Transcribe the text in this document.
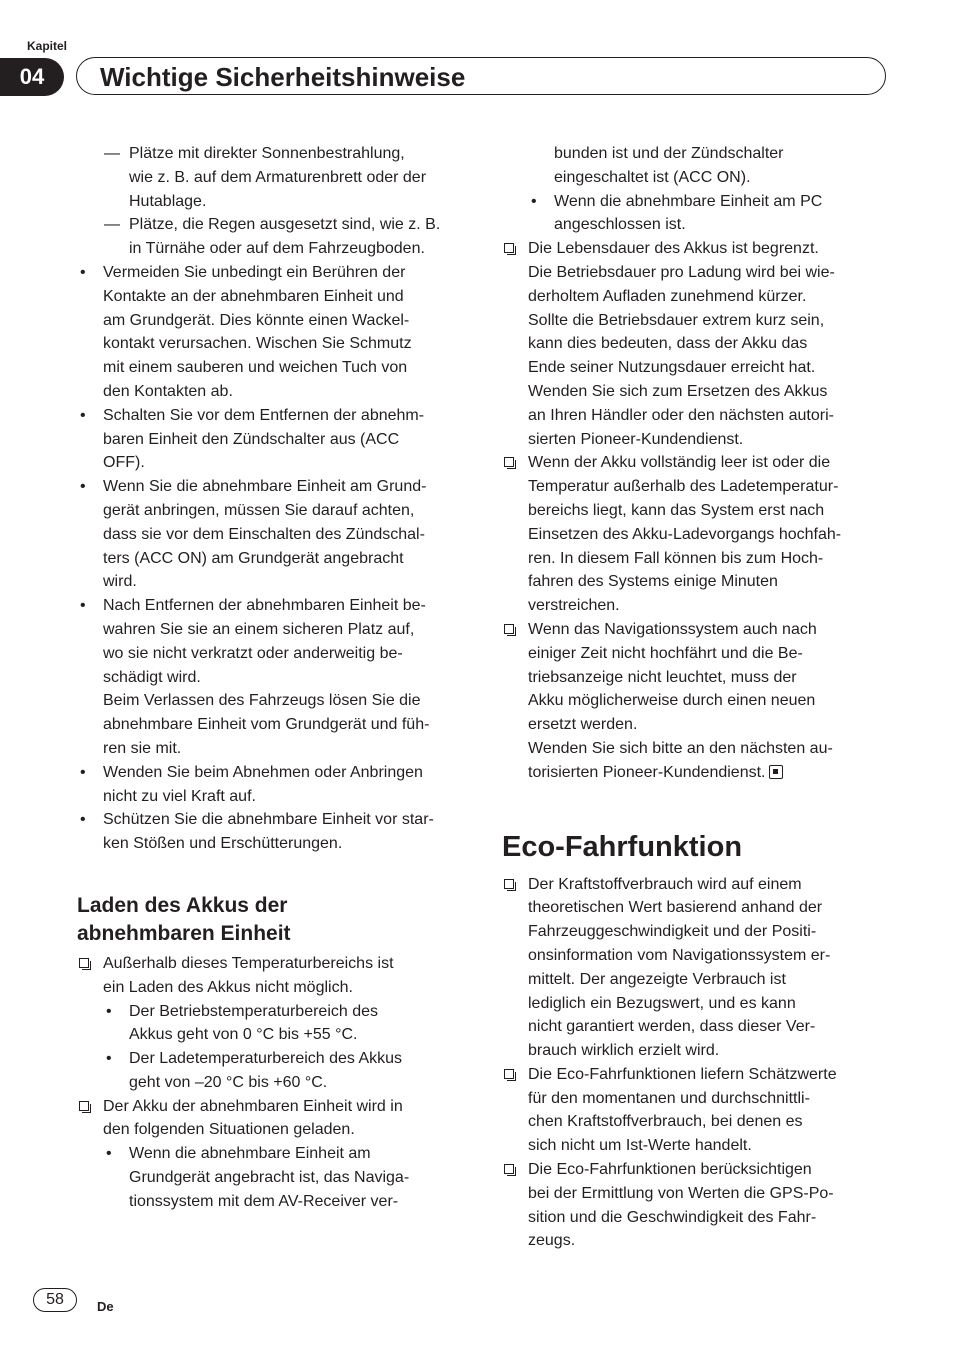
Kapitel
04	Wichtige Sicherheitshinweise
— Plätze mit direkter Sonnenbestrahlung,
wie z. B. auf dem Armaturenbrett oder der
Hutablage.
— Plätze, die Regen ausgesetzt sind, wie z. B.
in Türnähe oder auf dem Fahrzeugboden.
• Vermeiden Sie unbedingt ein Berühren der
Kontakte an der abnehmbaren Einheit und
am Grundgerät. Dies könnte einen Wackel-
kontakt verursachen. Wischen Sie Schmutz
mit einem sauberen und weichen Tuch von
den Kontakten ab.
• Schalten Sie vor dem Entfernen der abnehm-
baren Einheit den Zündschalter aus (ACC
OFF).
• Wenn Sie die abnehmbare Einheit am Grund-
gerät anbringen, müssen Sie darauf achten,
dass sie vor dem Einschalten des Zündschal-
ters (ACC ON) am Grundgerät angebracht
wird.
• Nach Entfernen der abnehmbaren Einheit be-
wahren Sie sie an einem sicheren Platz auf,
wo sie nicht verkratzt oder anderweitig be-
schädigt wird.
Beim Verlassen des Fahrzeugs lösen Sie die
abnehmbare Einheit vom Grundgerät und füh-
ren sie mit.
• Wenden Sie beim Abnehmen oder Anbringen
nicht zu viel Kraft auf.
• Schützen Sie die abnehmbare Einheit vor star-
ken Stößen und Erschütterungen.
Laden des Akkus der
abnehmbaren Einheit
Außerhalb dieses Temperaturbereichs ist
ein Laden des Akkus nicht möglich.
• Der Betriebstemperaturbereich des
Akkus geht von 0 °C bis +55 °C.
• Der Ladetemperaturbereich des Akkus
geht von –20 °C bis +60 °C.
Der Akku der abnehmbaren Einheit wird in
den folgenden Situationen geladen.
• Wenn die abnehmbare Einheit am
Grundgerät angebracht ist, das Naviga-
tionssystem mit dem AV-Receiver ver-
bunden ist und der Zündschalter
eingeschaltet ist (ACC ON).
• Wenn die abnehmbare Einheit am PC
angeschlossen ist.
Die Lebensdauer des Akkus ist begrenzt.
Die Betriebsdauer pro Ladung wird bei wie-
derholtem Aufladen zunehmend kürzer.
Sollte die Betriebsdauer extrem kurz sein,
kann dies bedeuten, dass der Akku das
Ende seiner Nutzungsdauer erreicht hat.
Wenden Sie sich zum Ersetzen des Akkus
an Ihren Händler oder den nächsten autori-
sierten Pioneer-Kundendienst.
Wenn der Akku vollständig leer ist oder die
Temperatur außerhalb des Ladetemperatur-
bereichs liegt, kann das System erst nach
Einsetzen des Akku-Ladevorgangs hochfah-
ren. In diesem Fall können bis zum Hoch-
fahren des Systems einige Minuten
verstreichen.
Wenn das Navigationssystem auch nach
einiger Zeit nicht hochfährt und die Be-
triebsanzeige nicht leuchtet, muss der
Akku möglicherweise durch einen neuen
ersetzt werden.
Wenden Sie sich bitte an den nächsten au-
torisierten Pioneer-Kundendienst.
Eco-Fahrfunktion
Der Kraftstoffverbrauch wird auf einem
theoretischen Wert basierend anhand der
Fahrzeuggeschwindigkeit und der Positi-
onsinformation vom Navigationssystem er-
mittelt. Der angezeigte Verbrauch ist
lediglich ein Bezugswert, und es kann
nicht garantiert werden, dass dieser Ver-
brauch wirklich erzielt wird.
Die Eco-Fahrfunktionen liefern Schätzwerte
für den momentanen und durchschnittli-
chen Kraftstoffverbrauch, bei denen es
sich nicht um Ist-Werte handelt.
Die Eco-Fahrfunktionen berücksichtigen
bei der Ermittlung von Werten die GPS-Po-
sition und die Geschwindigkeit des Fahr-
zeugs.
58	De
